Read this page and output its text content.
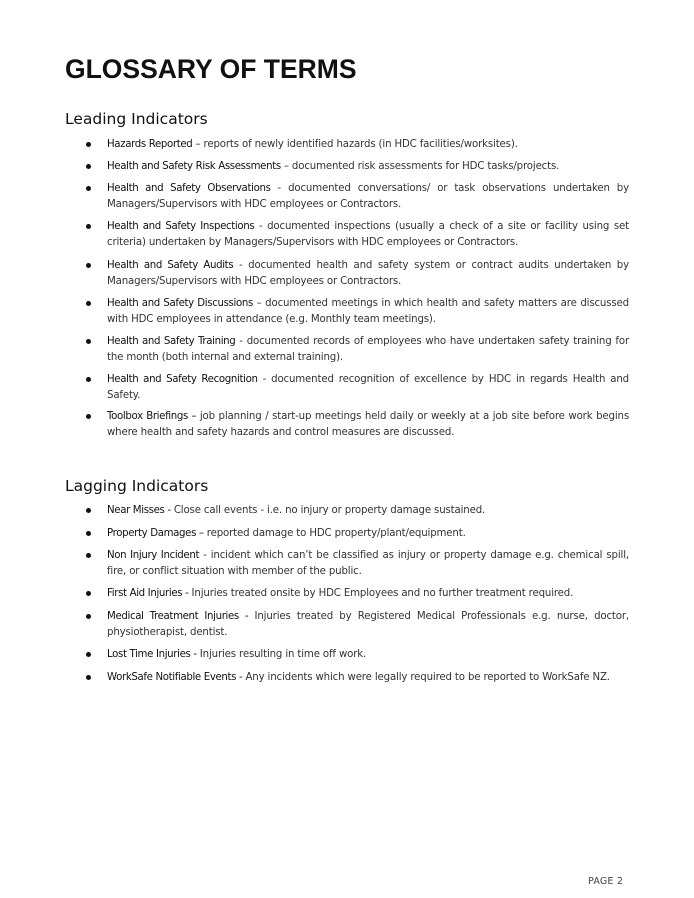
GLOSSARY OF TERMS
Leading Indicators

Hazards Reported – reports of newly identified hazards (in HDC facilities/worksites).

Health and Safety Risk Assessments – documented risk assessments for HDC tasks/projects.

Health and Safety Observations - documented conversations/ or task observations undertaken by Managers/Supervisors with HDC employees or Contractors.

Health and Safety Inspections - documented inspections (usually a check of a site or facility using set criteria) undertaken by Managers/Supervisors with HDC employees or Contractors.

Health and Safety Audits - documented health and safety system or contract audits undertaken by Managers/Supervisors with HDC employees or Contractors.

Health and Safety Discussions – documented meetings in which health and safety matters are discussed with HDC employees in attendance (e.g. Monthly team meetings).

Health and Safety Training - documented records of employees who have undertaken safety training for the month (both internal and external training).

Health and Safety Recognition - documented recognition of excellence by HDC in regards Health and Safety.

Toolbox Briefings – job planning / start-up meetings held daily or weekly at a job site before work begins where health and safety hazards and control measures are discussed.

Lagging Indicators

Near Misses - Close call events - i.e. no injury or property damage sustained.

Property Damages – reported damage to HDC property/plant/equipment.

Non Injury Incident - incident which can’t be classified as injury or property damage e.g. chemical spill, fire, or conflict situation with member of the public.

First Aid Injuries - Injuries treated onsite by HDC Employees and no further treatment required.

Medical Treatment Injuries - Injuries treated by Registered Medical Professionals e.g. nurse, doctor, physiotherapist, dentist.

Lost Time Injuries - Injuries resulting in time off work.

WorkSafe Notifiable Events - Any incidents which were legally required to be reported to WorkSafe NZ.

PAGE 2
